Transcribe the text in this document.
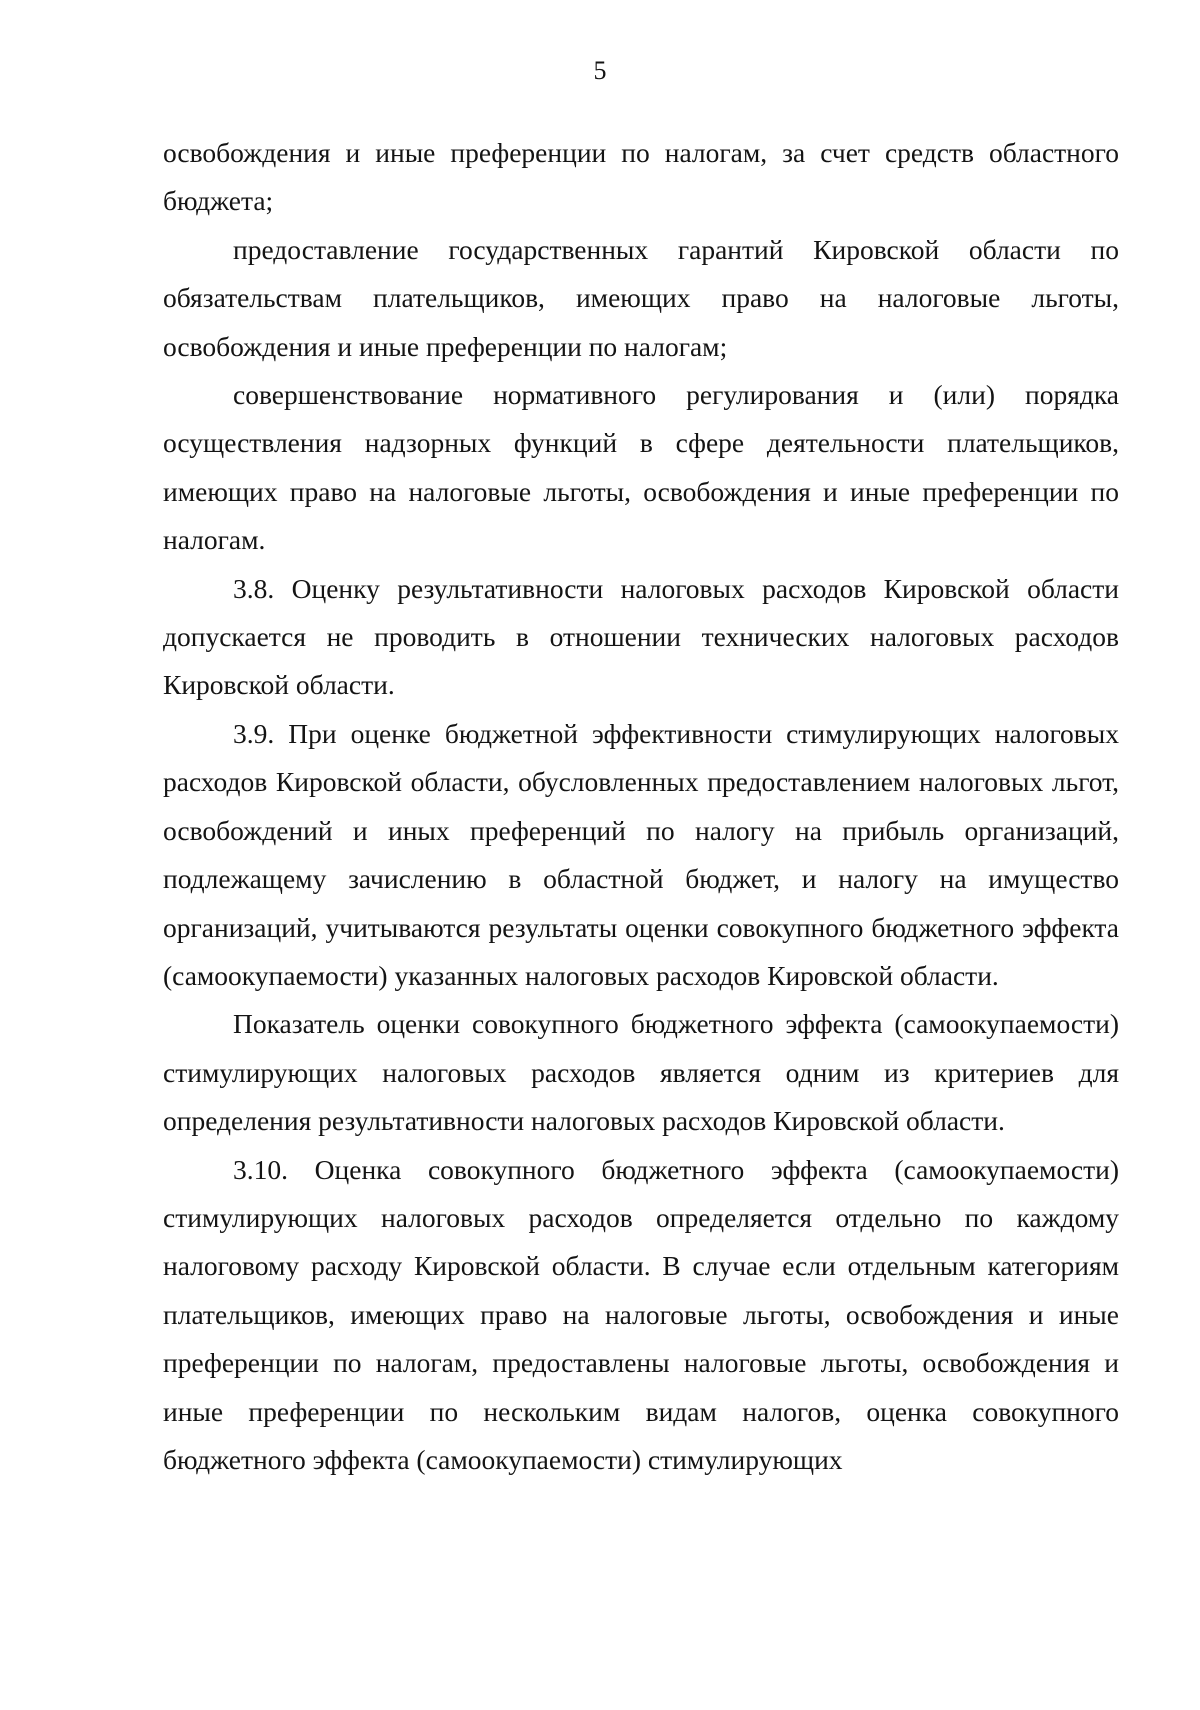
5

освобождения и иные преференции по налогам, за счет средств областного бюджета;

предоставление государственных гарантий Кировской области по обязательствам плательщиков, имеющих право на налоговые льготы, освобождения и иные преференции по налогам;

совершенствование нормативного регулирования и (или) порядка осуществления надзорных функций в сфере деятельности плательщиков, имеющих право на налоговые льготы, освобождения и иные преференции по налогам.

3.8. Оценку результативности налоговых расходов Кировской области допускается не проводить в отношении технических налоговых расходов Кировской области.

3.9. При оценке бюджетной эффективности стимулирующих налоговых расходов Кировской области, обусловленных предоставлением налоговых льгот, освобождений и иных преференций по налогу на прибыль организаций, подлежащему зачислению в областной бюджет, и налогу на имущество организаций, учитываются результаты оценки совокупного бюджетного эффекта (самоокупаемости) указанных налоговых расходов Кировской области.

Показатель оценки совокупного бюджетного эффекта (самоокупаемости) стимулирующих налоговых расходов является одним из критериев для определения результативности налоговых расходов Кировской области.

3.10. Оценка совокупного бюджетного эффекта (самоокупаемости) стимулирующих налоговых расходов определяется отдельно по каждому налоговому расходу Кировской области. В случае если отдельным категориям плательщиков, имеющих право на налоговые льготы, освобождения и иные преференции по налогам, предоставлены налоговые льготы, освобождения и иные преференции по нескольким видам налогов, оценка совокупного бюджетного эффекта (самоокупаемости) стимулирующих
